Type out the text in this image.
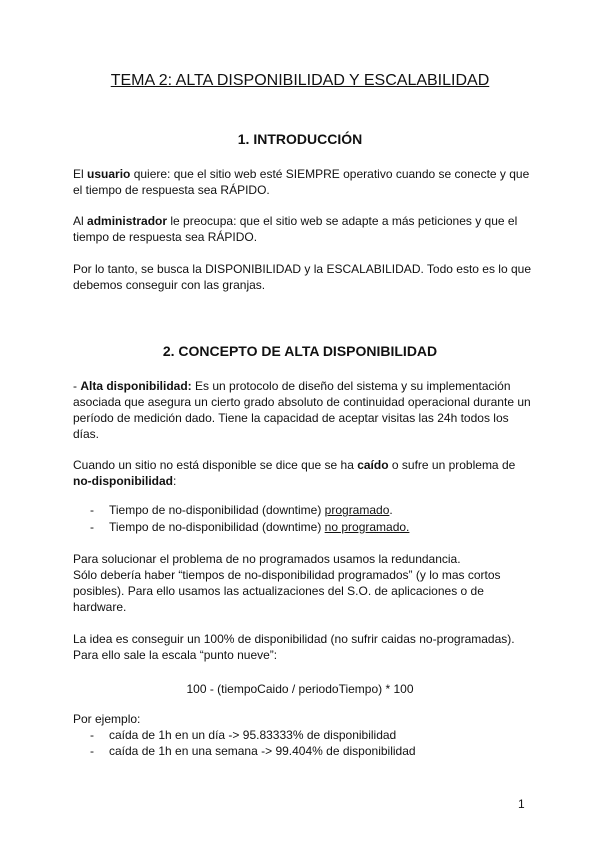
TEMA 2: ALTA DISPONIBILIDAD Y ESCALABILIDAD
1. INTRODUCCIÓN
El usuario quiere: que el sitio web esté SIEMPRE operativo cuando se conecte y que el tiempo de respuesta sea RÁPIDO.
Al administrador le preocupa: que el sitio web se adapte a más peticiones y que el tiempo de respuesta sea RÁPIDO.
Por lo tanto, se busca la DISPONIBILIDAD y la ESCALABILIDAD. Todo esto es lo que debemos conseguir con las granjas.
2. CONCEPTO DE ALTA DISPONIBILIDAD
- Alta disponibilidad: Es un protocolo de diseño del sistema y su implementación asociada que asegura un cierto grado absoluto de continuidad operacional durante un período de medición dado. Tiene la capacidad de aceptar visitas las 24h todos los días.
Cuando un sitio no está disponible se dice que se ha caído o sufre un problema de no-disponibilidad:
- Tiempo de no-disponibilidad (downtime) programado.
- Tiempo de no-disponibilidad (downtime) no programado.
Para solucionar el problema de no programados usamos la redundancia.
Sólo debería haber “tiempos de no-disponibilidad programados” (y lo mas cortos posibles). Para ello usamos las actualizaciones del S.O. de aplicaciones o de hardware.
La idea es conseguir un 100% de disponibilidad (no sufrir caidas no-programadas). Para ello sale la escala “punto nueve”:
100 - (tiempoCaido / periodoTiempo) * 100
Por ejemplo:
- caída de 1h en un día -> 95.83333% de disponibilidad
- caída de 1h en una semana -> 99.404% de disponibilidad
1
